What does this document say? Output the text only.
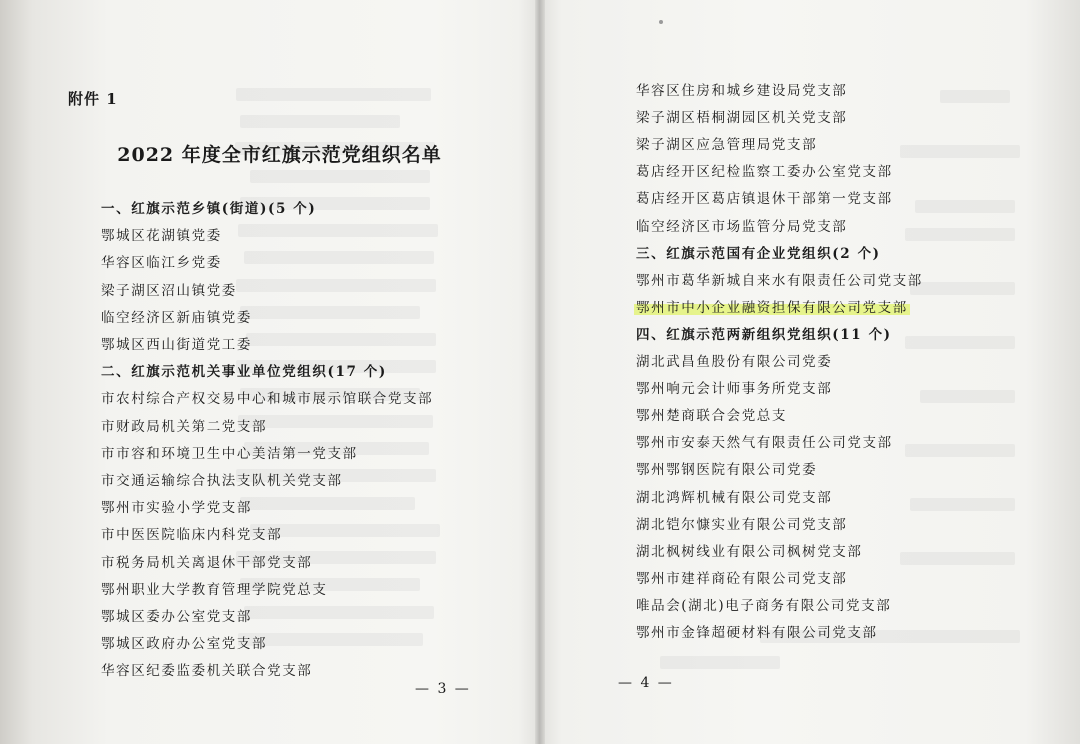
附件 1
2022 年度全市红旗示范党组织名单
一、红旗示范乡镇(街道)(5 个)
鄂城区花湖镇党委
华容区临江乡党委
梁子湖区沼山镇党委
临空经济区新庙镇党委
鄂城区西山街道党工委
二、红旗示范机关事业单位党组织(17 个)
市农村综合产权交易中心和城市展示馆联合党支部
市财政局机关第二党支部
市市容和环境卫生中心美洁第一党支部
市交通运输综合执法支队机关党支部
鄂州市实验小学党支部
市中医医院临床内科党支部
市税务局机关离退休干部党支部
鄂州职业大学教育管理学院党总支
鄂城区委办公室党支部
鄂城区政府办公室党支部
华容区纪委监委机关联合党支部
— 3 —
华容区住房和城乡建设局党支部
梁子湖区梧桐湖园区机关党支部
梁子湖区应急管理局党支部
葛店经开区纪检监察工委办公室党支部
葛店经开区葛店镇退休干部第一党支部
临空经济区市场监管分局党支部
三、红旗示范国有企业党组织(2 个)
鄂州市葛华新城自来水有限责任公司党支部
鄂州市中小企业融资担保有限公司党支部
四、红旗示范两新组织党组织(11 个)
湖北武昌鱼股份有限公司党委
鄂州响元会计师事务所党支部
鄂州楚商联合会党总支
鄂州市安泰天然气有限责任公司党支部
鄂州鄂钢医院有限公司党委
湖北鸿辉机械有限公司党支部
湖北铠尔慷实业有限公司党支部
湖北枫树线业有限公司枫树党支部
鄂州市建祥商砼有限公司党支部
唯品会(湖北)电子商务有限公司党支部
鄂州市金锋超硬材料有限公司党支部
— 4 —
